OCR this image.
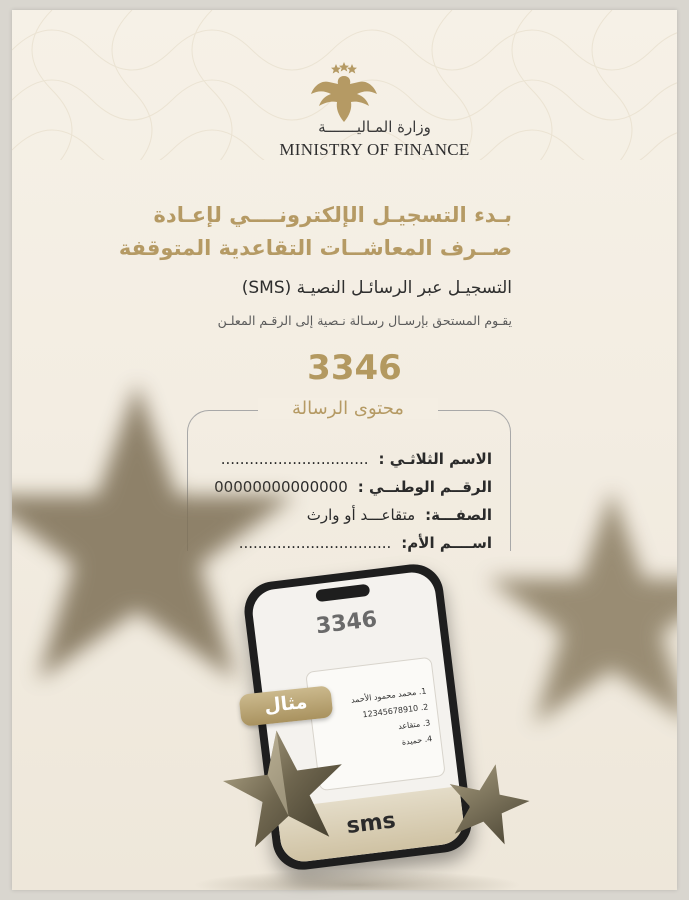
وزارة المـاليـــــــة
MINISTRY OF FINANCE
بـدء التسجيـل الإلكترونــــي لإعـادة
صــرف المعاشــات التقاعدية المتوقفة
التسجيـل عبر الرسائـل النصيـة (SMS)
يقـوم المستحق بإرسـال رسـالة نـصية إلى الرقـم المعلـن
3346
محتوى الرسالة
الاسم الثلاثـي :...............................
الرقــم الوطنــي :00000000000000
الصفـــة:متقاعـــد أو وارث
اســــم الأم:................................
3346
1. محمد محمود الأحمد
2. 12345678910
3. متقاعد
4. حميدة
sms
مثال
